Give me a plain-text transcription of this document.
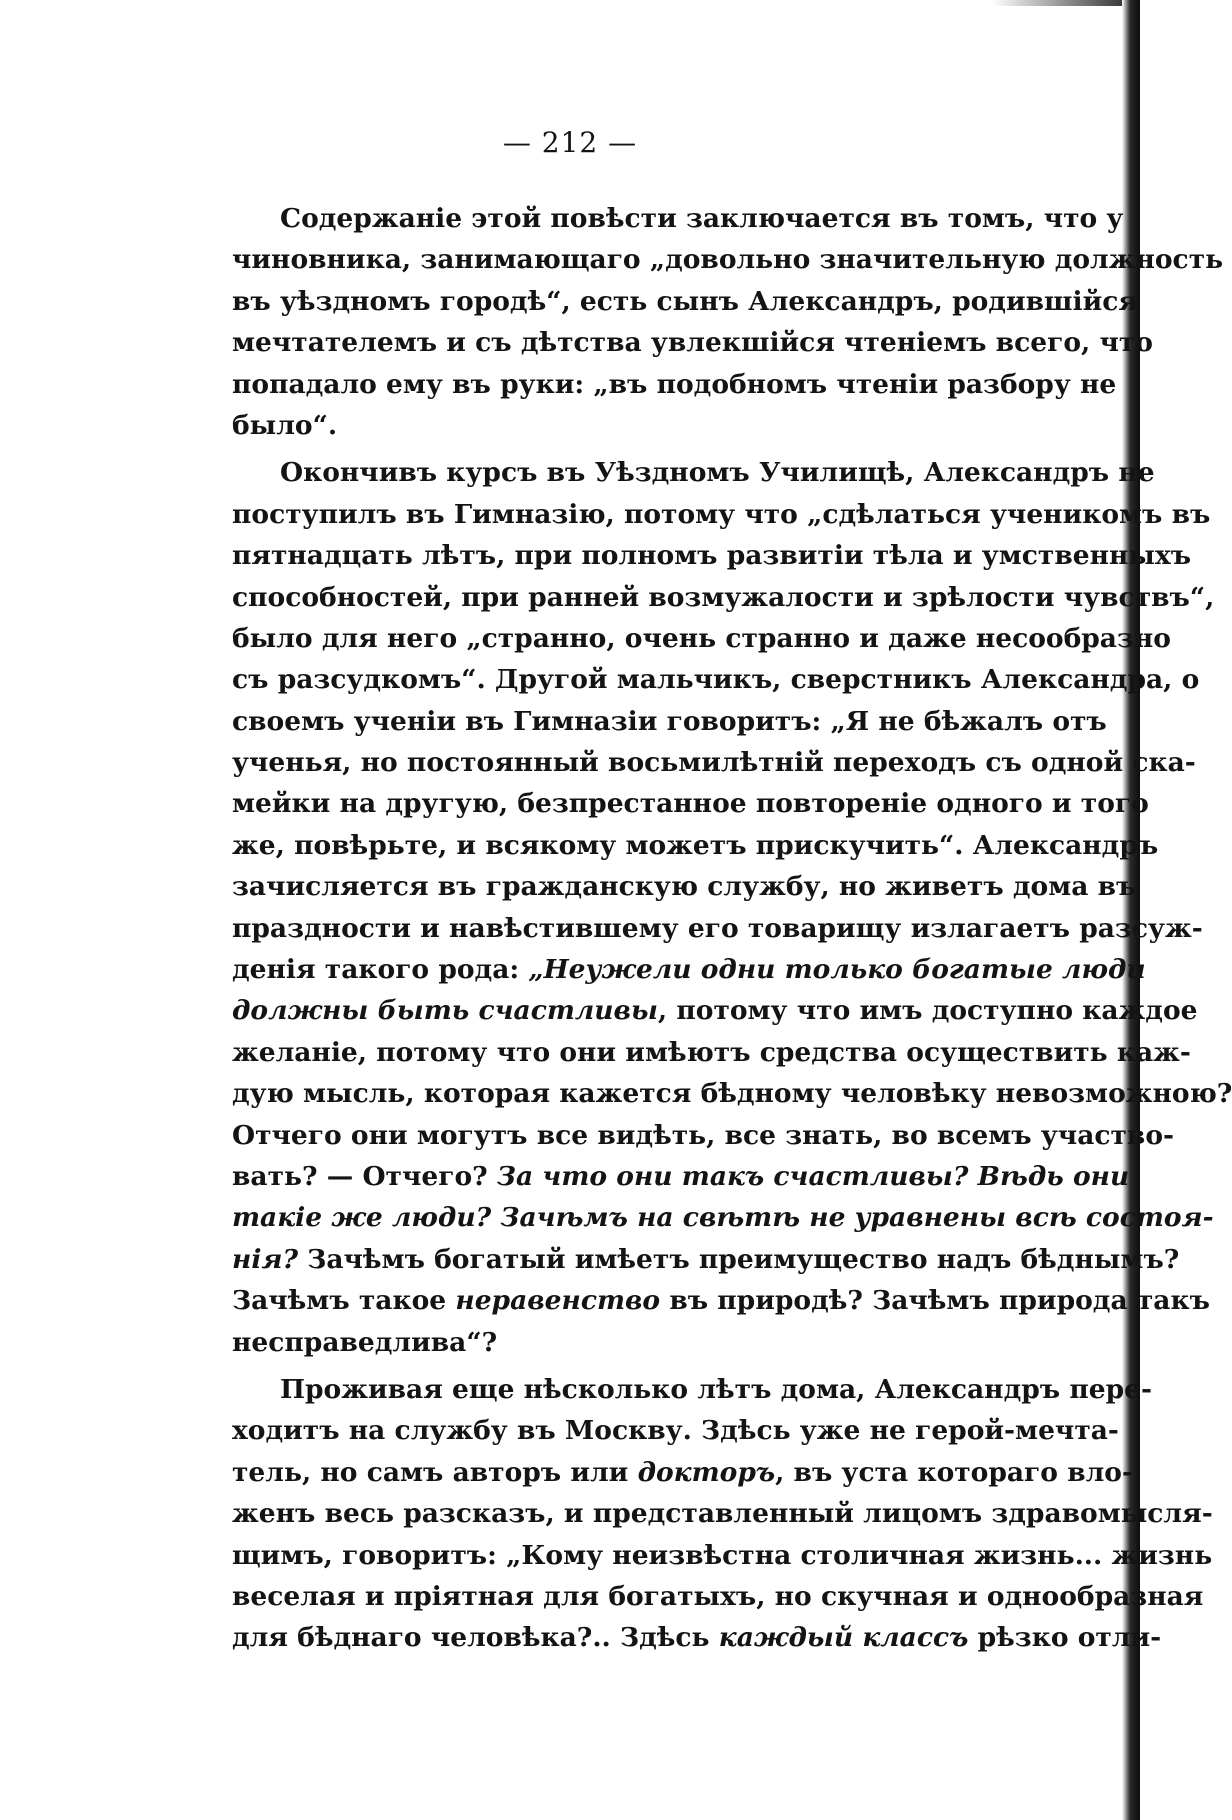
— 212 —
Содержаніе этой повѣсти заключается въ томъ, что у
чиновника, занимающаго „довольно значительную должность
въ уѣздномъ городѣ“, есть сынъ Александръ, родившійся
мечтателемъ и съ дѣтства увлекшійся чтеніемъ всего, что
попадало ему въ руки: „въ подобномъ чтеніи разбору не
было“.
Окончивъ курсъ въ Уѣздномъ Училищѣ, Александръ не
поступилъ въ Гимназію, потому что „сдѣлаться ученикомъ въ
пятнадцать лѣтъ, при полномъ развитіи тѣла и умственныхъ
способностей, при ранней возмужалости и зрѣлости чувствъ“,
было для него „странно, очень странно и даже несообразно
съ разсудкомъ“. Другой мальчикъ, сверстникъ Александра, о
своемъ ученіи въ Гимназіи говоритъ: „Я не бѣжалъ отъ
ученья, но постоянный восьмилѣтній переходъ съ одной ска-
мейки на другую, безпрестанное повтореніе одного и того
же, повѣрьте, и всякому можетъ прискучить“. Александръ
зачисляется въ гражданскую службу, но живетъ дома въ
праздности и навѣстившему его товарищу излагаетъ разсуж-
денія такого рода: „Неужели одни только богатые люди
должны быть счастливы, потому что имъ доступно каждое
желаніе, потому что они имѣютъ средства осуществить каж-
дую мысль, которая кажется бѣдному человѣку невозможною?
Отчего они могутъ все видѣть, все знать, во всемъ участво-
вать? — Отчего? За что они такъ счастливы? Вѣдь они
такіе же люди? Зачѣмъ на свѣтѣ не уравнены всѣ состоя-
нія? Зачѣмъ богатый имѣетъ преимущество надъ бѣднымъ?
Зачѣмъ такое неравенство въ природѣ? Зачѣмъ природа такъ
несправедлива“?
Проживая еще нѣсколько лѣтъ дома, Александръ пере-
ходитъ на службу въ Москву. Здѣсь уже не герой-мечта-
тель, но самъ авторъ или докторъ, въ уста котораго вло-
женъ весь разсказъ, и представленный лицомъ здравомысля-
щимъ, говоритъ: „Кому неизвѣстна столичная жизнь... жизнь
веселая и пріятная для богатыхъ, но скучная и однообразная
для бѣднаго человѣка?.. Здѣсь каждый классъ рѣзко отли-
